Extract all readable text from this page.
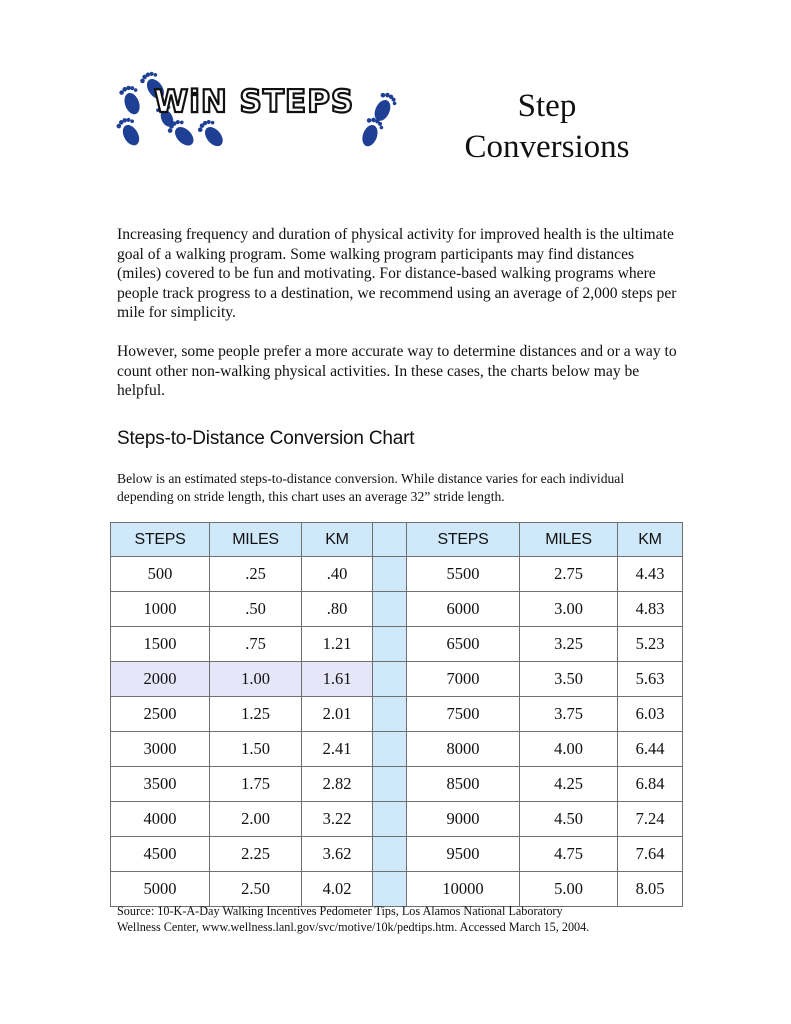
WiN STEPS	Step
Conversions

Increasing frequency and duration of physical activity for improved health is the ultimate goal of a walking program. Some walking program participants may find distances (miles) covered to be fun and motivating. For distance-based walking programs where people track progress to a destination, we recommend using an average of 2,000 steps per mile for simplicity.

However, some people prefer a more accurate way to determine distances and or a way to count other non-walking physical activities. In these cases, the charts below may be helpful.

Steps-to-Distance Conversion Chart
Below is an estimated steps-to-distance conversion. While distance varies for each individual depending on stride length, this chart uses an average 32” stride length.
STEPS	MILES	KM		STEPS	MILES	KM
500	.25	.40		5500	2.75	4.43
1000	.50	.80		6000	3.00	4.83
1500	.75	1.21		6500	3.25	5.23
2000	1.00	1.61		7000	3.50	5.63
2500	1.25	2.01		7500	3.75	6.03
3000	1.50	2.41		8000	4.00	6.44
3500	1.75	2.82		8500	4.25	6.84
4000	2.00	3.22		9000	4.50	7.24
4500	2.25	3.62		9500	4.75	7.64
5000	2.50	4.02		10000	5.00	8.05
Source: 10-K-A-Day Walking Incentives Pedometer Tips, Los Alamos National Laboratory
Wellness Center, www.wellness.lanl.gov/svc/motive/10k/pedtips.htm. Accessed March 15, 2004.
